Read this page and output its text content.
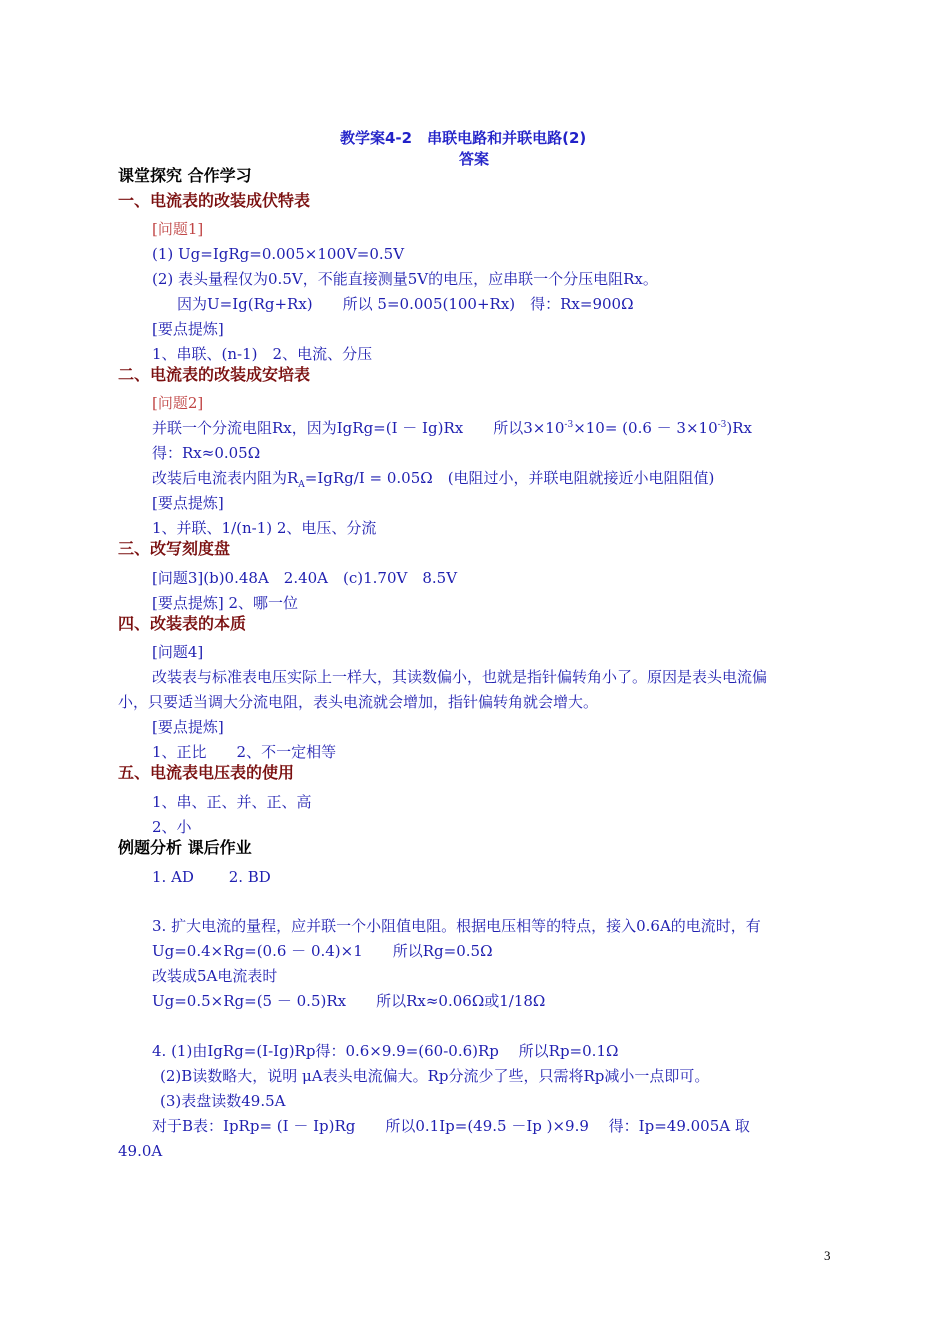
教学案4-2　串联电路和并联电路(2)
答案
课堂探究 合作学习
一、电流表的改装成伏特表
[问题1]
(1) Ug=IgRg=0.005×100V=0.5V
(2) 表头量程仅为0.5V，不能直接测量5V的电压，应串联一个分压电阻Rx。
因为U=Ig(Rg+Rx)　　所以 5=0.005(100+Rx)　得：Rx=900Ω
[要点提炼]
1、串联、(n-1)　2、电流、分压
二、电流表的改装成安培表
[问题2]
并联一个分流电阻Rx，因为IgRg=(I － Ig)Rx　　所以$3\times 10^{-3}\times 10= (0.6 - 3\times 10^{-3})Rx$
得：Rx≈0.05Ω
改装后电流表内阻为$R_A=IgRg/I = 0.05\Omega$　(电阻过小，并联电阻就接近小电阻阻值)
[要点提炼]
1、并联、1/(n-1) 2、电压、分流
三、改写刻度盘
[问题3](b)0.48A　2.40A　(c)1.70V　8.5V
[要点提炼] 2、哪一位
四、改装表的本质
[问题4]
改装表与标准表电压实际上一样大，其读数偏小，也就是指针偏转角小了。原因是表头电流偏
小，只要适当调大分流电阻，表头电流就会增加，指针偏转角就会增大。
[要点提炼]
1、正比　　2、不一定相等
五、电流表电压表的使用
1、串、正、并、正、高
2、小
例题分析 课后作业
1. AD　　 2. BD
3. 扩大电流的量程，应并联一个小阻值电阻。根据电压相等的特点，接入0.6A的电流时，有
Ug=0.4×Rg=(0.6 － 0.4)×1　　所以Rg=0.5Ω
改装成5A电流表时
Ug=0.5×Rg=(5 － 0.5)Rx　　所以Rx≈0.06Ω或1/18Ω
4. (1)由IgRg=(I-Ig)Rp得：0.6×9.9=(60-0.6)Rp　 所以Rp=0.1Ω
(2)B读数略大，说明 μA表头电流偏大。Rp分流少了些，只需将Rp减小一点即可。
(3)表盘读数49.5A
对于B表：IpRp= (I － Ip)Rg　　所以0.1Ip=(49.5 －Ip )×9.9　 得：Ip=49.005A 取
49.0A
3
